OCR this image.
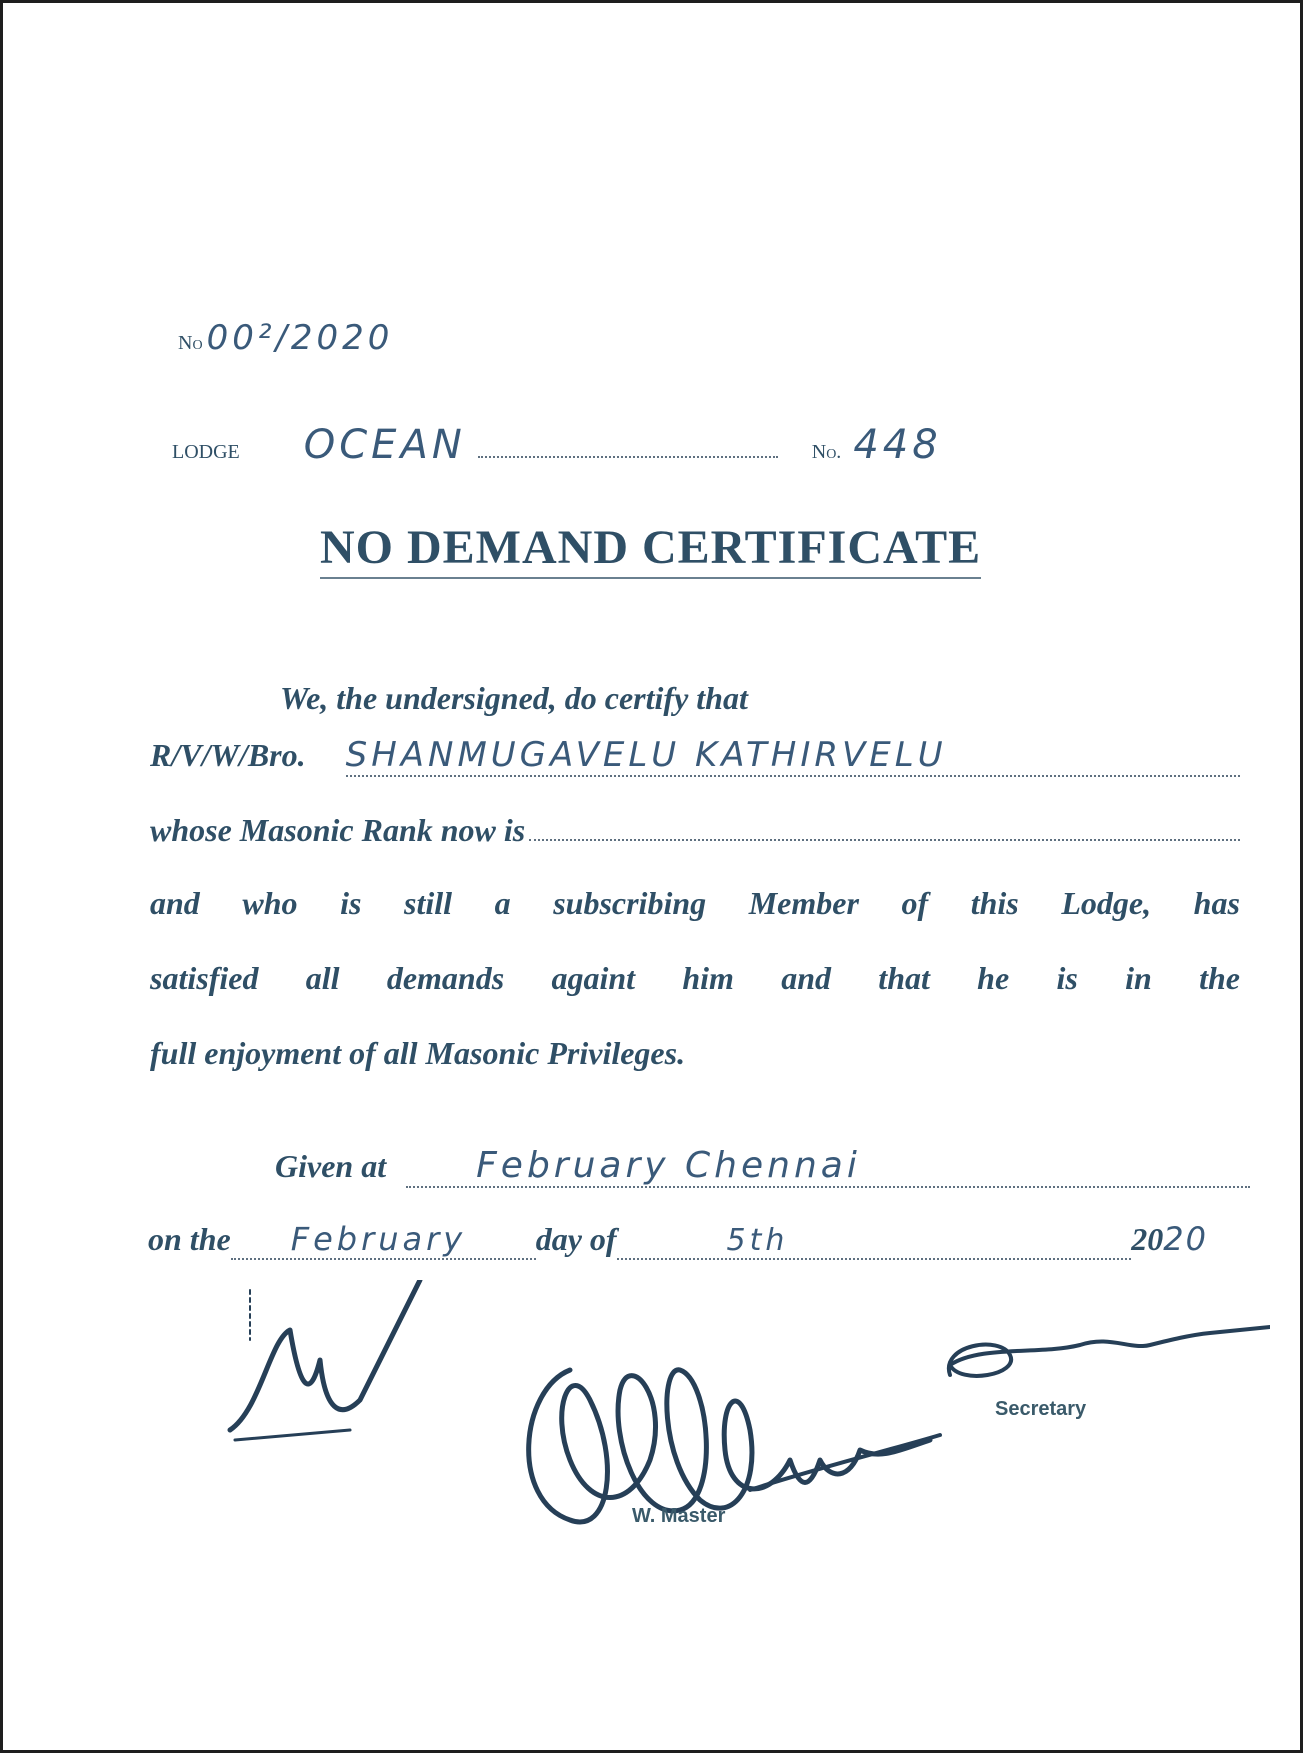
No 00²/2020
LODGE OCEAN	No. 448
NO DEMAND CERTIFICATE
We, the undersigned, do certify that
R/V/W/Bro. SHANMUGAVELU KATHIRVELU
whose Masonic Rank now is
and who is still a subscribing Member of this Lodge, has
satisfied all demands againt him and that he is in the
full enjoyment of all Masonic Privileges.
Given at	February Chennai
on the	February	day of	5th	20 20
Secretary
W. Master
